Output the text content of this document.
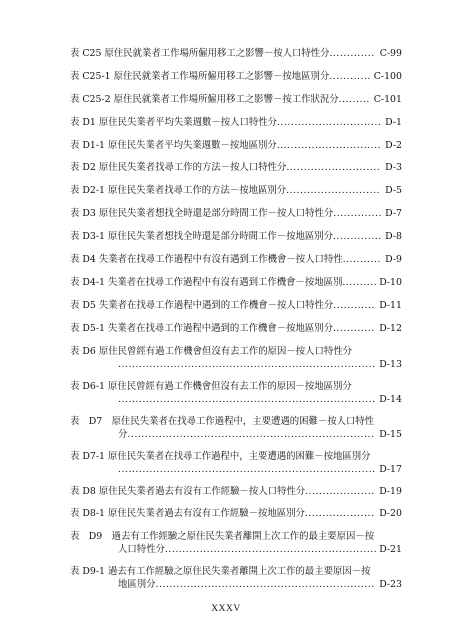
表 C25 原住民就業者工作場所僱用移工之影響－按人口特性分............. C-99
表 C25-1 原住民就業者工作場所僱用移工之影響－按地區別分............ C-100
表 C25-2 原住民就業者工作場所僱用移工之影響－按工作狀況分......... C-101
表 D1 原住民失業者平均失業週數－按人口特性分.............................. D-1
表 D1-1 原住民失業者平均失業週數－按地區別分.............................. D-2
表 D2 原住民失業者找尋工作的方法－按人口特性分........................... D-3
表 D2-1 原住民失業者找尋工作的方法－按地區別分........................... D-5
表 D3 原住民失業者想找全時還是部分時間工作－按人口特性分.............. D-7
表 D3-1 原住民失業者想找全時還是部分時間工作－按地區別分.............. D-8
表 D4 失業者在找尋工作過程中有沒有遇到工作機會－按人口特性........... D-9
表 D4-1 失業者在找尋工作過程中有沒有遇到工作機會－按地區別.......... D-10
表 D5 失業者在找尋工作過程中遇到的工作機會－按人口特性分............ D-11
表 D5-1 失業者在找尋工作過程中遇到的工作機會－按地區別分............ D-12
表 D6 原住民曾經有過工作機會但沒有去工作的原因－按人口特性分
.......................................................................... D-13
表 D6-1 原住民曾經有過工作機會但沒有去工作的原因－按地區別分
.......................................................................... D-14
表　D7　原住民失業者在找尋工作過程中，主要遭遇的困難－按人口特性
分....................................................................... D-15
表 D7-1 原住民失業者在找尋工作過程中，主要遭遇的困難－按地區別分
.......................................................................... D-17
表 D8 原住民失業者過去有沒有工作經驗－按人口特性分.................... D-19
表 D8-1 原住民失業者過去有沒有工作經驗－按地區別分.................... D-20
表　D9　過去有工作經驗之原住民失業者離開上次工作的最主要原因－按
人口特性分............................................................. D-21
表 D9-1 過去有工作經驗之原住民失業者離開上次工作的最主要原因－按
地區別分............................................................... D-23
XXXV
